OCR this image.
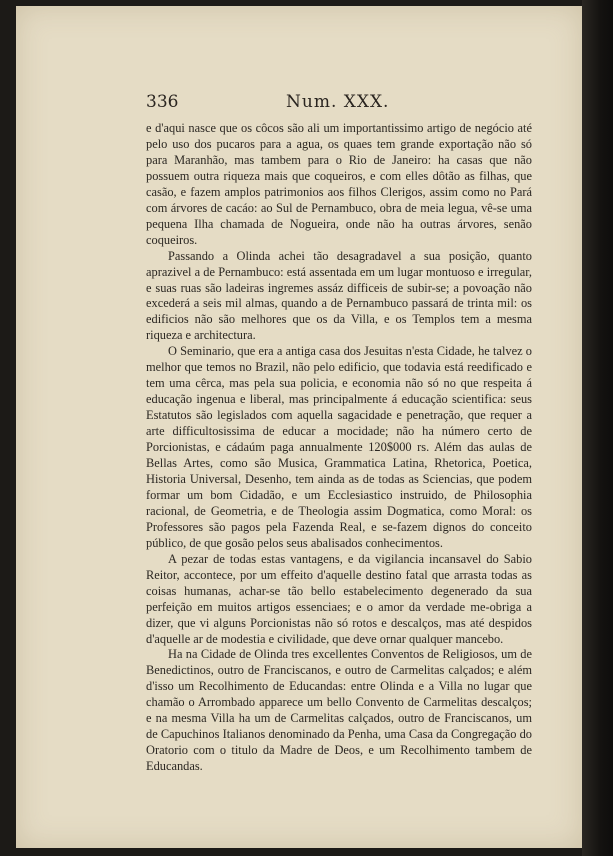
336	Num. XXX.

e d'aqui nasce que os côcos são ali um importantissimo artigo de negócio até pelo uso dos pucaros para a agua, os quaes tem grande exportação não só para Maranhão, mas tambem para o Rio de Janeiro: ha casas que não possuem outra riqueza mais que coqueiros, e com elles dôtão as filhas, que casão, e fazem amplos patrimonios aos filhos Clerigos, assim como no Pará com árvores de cacáo: ao Sul de Pernambuco, obra de meia legua, vê-se uma pequena Ilha chamada de Nogueira, onde não ha outras árvores, senão coqueiros.

Passando a Olinda achei tão desagradavel a sua posição, quanto aprazivel a de Pernambuco: está assentada em um lugar montuoso e irregular, e suas ruas são ladeiras ingremes assáz difficeis de subir-se; a povoação não excederá a seis mil almas, quando a de Pernambuco passará de trinta mil: os edificios não são melhores que os da Villa, e os Templos tem a mesma riqueza e architectura.

O Seminario, que era a antiga casa dos Jesuitas n'esta Cidade, he talvez o melhor que temos no Brazil, não pelo edificio, que todavia está reedificado e tem uma cêrca, mas pela sua policia, e economia não só no que respeita á educação ingenua e liberal, mas principalmente á educação scientifica: seus Estatutos são legislados com aquella sagacidade e penetração, que requer a arte difficultosissima de educar a mocidade; não ha número certo de Porcionistas, e cádaúm paga annualmente 120$000 rs. Além das aulas de Bellas Artes, como são Musica, Grammatica Latina, Rhetorica, Poetica, Historia Universal, Desenho, tem ainda as de todas as Sciencias, que podem formar um bom Cidadão, e um Ecclesiastico instruido, de Philosophia racional, de Geometria, e de Theologia assim Dogmatica, como Moral: os Professores são pagos pela Fazenda Real, e se-fazem dignos do conceito público, de que gosão pelos seus abalisados conhecimentos.

A pezar de todas estas vantagens, e da vigilancia incansavel do Sabio Reitor, accontece, por um effeito d'aquelle destino fatal que arrasta todas as coisas humanas, achar-se tão bello estabelecimento degenerado da sua perfeição em muitos artigos essenciaes; e o amor da verdade me-obriga a dizer, que vi alguns Porcionistas não só rotos e descalços, mas até despidos d'aquelle ar de modestia e civilidade, que deve ornar qualquer mancebo.

Ha na Cidade de Olinda tres excellentes Conventos de Religiosos, um de Benedictinos, outro de Franciscanos, e outro de Carmelitas calçados; e além d'isso um Recolhimento de Educandas: entre Olinda e a Villa no lugar que chamão o Arrombado apparece um bello Convento de Carmelitas descalços; e na mesma Villa ha um de Carmelitas calçados, outro de Franciscanos, um de Capuchinos Italianos denominado da Penha, uma Casa da Congregação do Oratorio com o titulo da Madre de Deos, e um Recolhimento tambem de Educandas.
